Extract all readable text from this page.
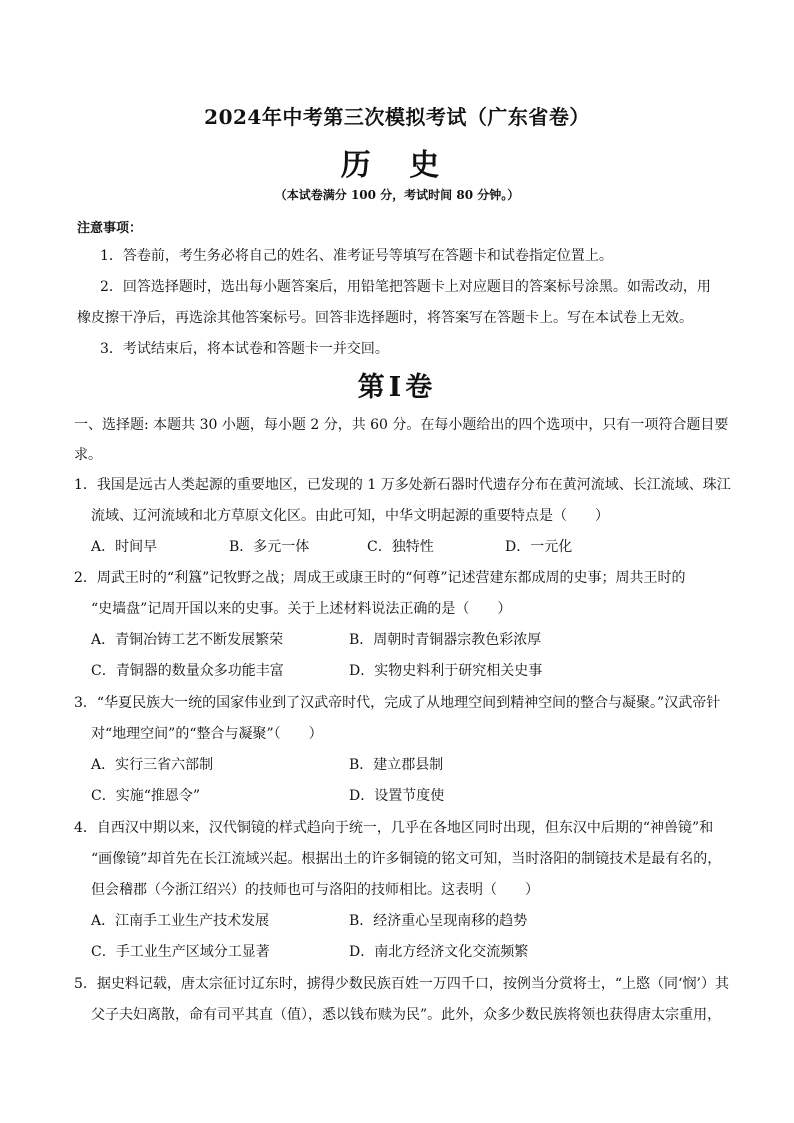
2024年中考第三次模拟考试（广东省卷）
历 史
（本试卷满分 100 分，考试时间 80 分钟。）
注意事项：
1．答卷前，考生务必将自己的姓名、准考证号等填写在答题卡和试卷指定位置上。
2．回答选择题时，选出每小题答案后，用铅笔把答题卡上对应题目的答案标号涂黑。如需改动，用
橡皮擦干净后，再选涂其他答案标号。回答非选择题时，将答案写在答题卡上。写在本试卷上无效。
3．考试结束后，将本试卷和答题卡一并交回。
第Ⅰ卷
一、选择题: 本题共 30 小题，每小题 2 分，共 60 分。在每小题给出的四个选项中，只有一项符合题目要
求。
1．我国是远古人类起源的重要地区，已发现的 1 万多处新石器时代遗存分布在黄河流域、长江流域、珠江
流域、辽河流域和北方草原文化区。由此可知，中华文明起源的重要特点是（　　）
A．时间早	B．多元一体	C．独特性	D．一元化
2．周武王时的“利簋”记牧野之战；周成王或康王时的“何尊”记述营建东都成周的史事；周共王时的
“史墙盘”记周开国以来的史事。关于上述材料说法正确的是（　　）
A．青铜冶铸工艺不断发展繁荣	B．周朝时青铜器宗教色彩浓厚
C．青铜器的数量众多功能丰富	D．实物史料利于研究相关史事
3．“华夏民族大一统的国家伟业到了汉武帝时代，完成了从地理空间到精神空间的整合与凝聚。”汉武帝针
对“地理空间”的“整合与凝聚”（　　）
A．实行三省六部制	B．建立郡县制
C．实施“推恩令”	D．设置节度使
4．自西汉中期以来，汉代铜镜的样式趋向于统一，几乎在各地区同时出现，但东汉中后期的“神兽镜”和
“画像镜”却首先在长江流域兴起。根据出土的许多铜镜的铭文可知，当时洛阳的制镜技术是最有名的，
但会稽郡（今浙江绍兴）的技师也可与洛阳的技师相比。这表明（　　）
A．江南手工业生产技术发展	B．经济重心呈现南移的趋势
C．手工业生产区域分工显著	D．南北方经济文化交流频繁
5．据史料记载，唐太宗征讨辽东时，掳得少数民族百姓一万四千口，按例当分赏将士，“上愍（同‘悯’）其
父子夫妇离散，命有司平其直（值），悉以钱布赎为民”。此外，众多少数民族将领也获得唐太宗重用，
